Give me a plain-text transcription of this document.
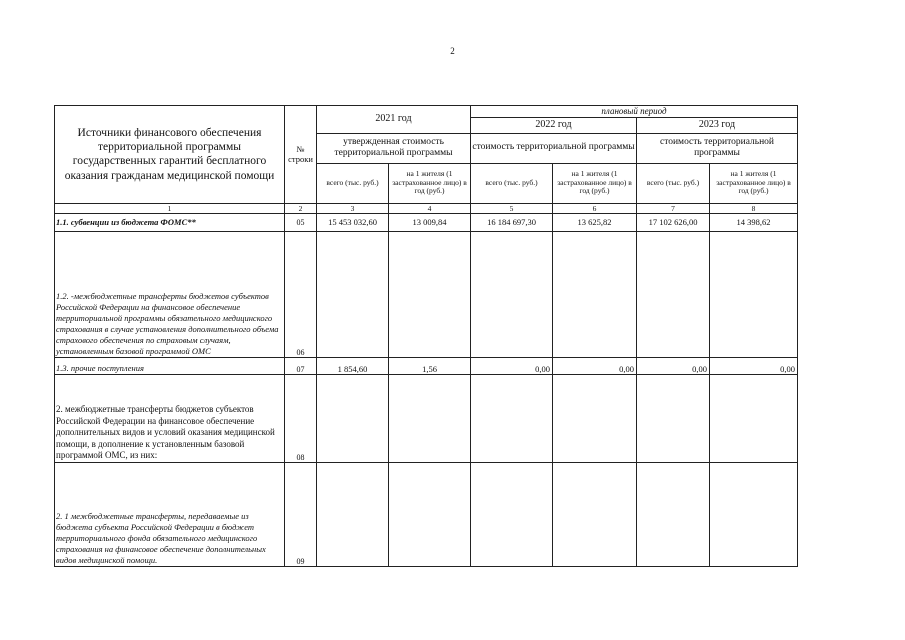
2
Источники финансового обеспечения территориальной программы государственных гарантий бесплатного оказания гражданам медицинской помощи	№ строки	2021 год		плановый период			
				2022 год		2023 год	
		утвержденная стоимость территориальной программы		стоимость территориальной программы		стоимость территориальной программы	
		всего (тыс. руб.)	на 1 жителя (1 застрахованное лицо) в год (руб.)	всего (тыс. руб.)	на 1 жителя (1 застрахованное лицо) в год (руб.)	всего (тыс. руб.)	на 1 жителя (1 застрахованное лицо) в год (руб.)
1	2	3	4	5	6	7	8
1.1. субвенции из бюджета ФОМС**	05	15 453 032,60	13 009,84	16 184 697,30	13 625,82	17 102 626,00	14 398,62
1.2. -межбюджетные трансферты бюджетов субъектов Российской Федерации на финансовое обеспечение территориальной программы обязательного медицинского страхования в случае установления дополнительного объема страхового обеспечения по страховым случаям, установленным базовой программой ОМС	06						
1.3. прочие поступления	07	1 854,60	1,56	0,00	0,00	0,00	0,00
2. межбюджетные трансферты бюджетов субъектов Российской Федерации на финансовое обеспечение дополнительных видов и условий оказания медицинской помощи, в дополнение к установленным базовой программой ОМС, из них:	08						
2. 1 межбюджетные трансферты, передаваемые из бюджета субъекта Российской Федерации в бюджет территориального фонда обязательного медицинского страхования на финансовое обеспечение дополнительных видов медицинской помощи.	09						
